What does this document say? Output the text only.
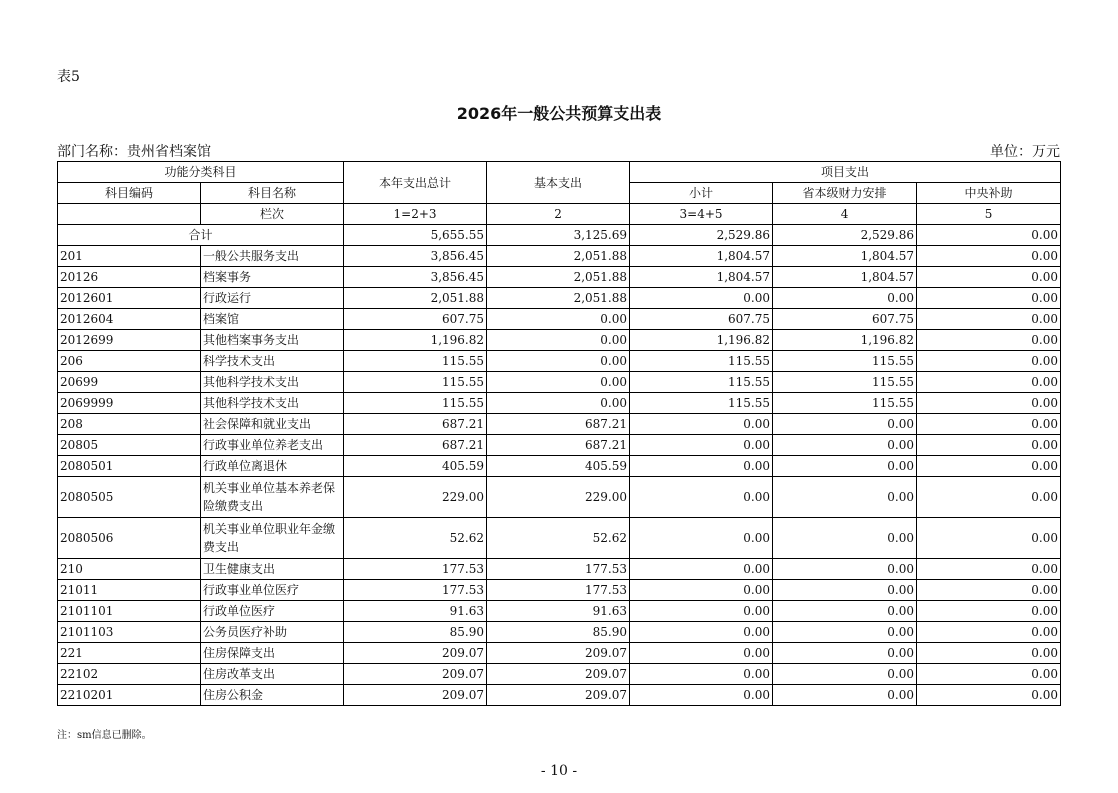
表5
2026年一般公共预算支出表
部门名称：贵州省档案馆	单位：万元
功能分类科目		本年支出总计	基本支出	项目支出		
科目编码	科目名称			小计	省本级财力安排	中央补助
	栏次	1=2+3	2	3=4+5	4	5
合计		5,655.55	3,125.69	2,529.86	2,529.86	0.00
201	一般公共服务支出	3,856.45	2,051.88	1,804.57	1,804.57	0.00
20126	档案事务	3,856.45	2,051.88	1,804.57	1,804.57	0.00
2012601	行政运行	2,051.88	2,051.88	0.00	0.00	0.00
2012604	档案馆	607.75	0.00	607.75	607.75	0.00
2012699	其他档案事务支出	1,196.82	0.00	1,196.82	1,196.82	0.00
206	科学技术支出	115.55	0.00	115.55	115.55	0.00
20699	其他科学技术支出	115.55	0.00	115.55	115.55	0.00
2069999	其他科学技术支出	115.55	0.00	115.55	115.55	0.00
208	社会保障和就业支出	687.21	687.21	0.00	0.00	0.00
20805	行政事业单位养老支出	687.21	687.21	0.00	0.00	0.00
2080501	行政单位离退休	405.59	405.59	0.00	0.00	0.00
2080505	机关事业单位基本养老保险缴费支出	229.00	229.00	0.00	0.00	0.00
2080506	机关事业单位职业年金缴费支出	52.62	52.62	0.00	0.00	0.00
210	卫生健康支出	177.53	177.53	0.00	0.00	0.00
21011	行政事业单位医疗	177.53	177.53	0.00	0.00	0.00
2101101	行政单位医疗	91.63	91.63	0.00	0.00	0.00
2101103	公务员医疗补助	85.90	85.90	0.00	0.00	0.00
221	住房保障支出	209.07	209.07	0.00	0.00	0.00
22102	住房改革支出	209.07	209.07	0.00	0.00	0.00
2210201	住房公积金	209.07	209.07	0.00	0.00	0.00
注：sm信息已删除。
- 10 -
